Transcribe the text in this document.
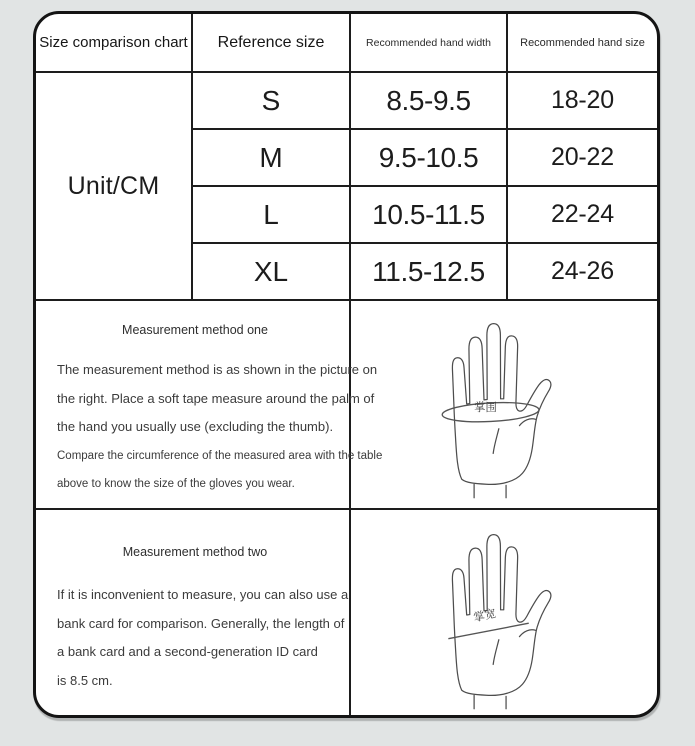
Size comparison chart	Reference size	Recommended hand width	Recommended hand size
Unit/CM
S	8.5-9.5	18-20
M	9.5-10.5	20-22
L	10.5-11.5	22-24
XL	11.5-12.5	24-26
Measurement method one
The measurement method is as shown in the picture on
the right. Place a soft tape measure around the palm of
the hand you usually use (excluding the thumb).
Compare the circumference of the measured area with the table
above to know the size of the gloves you wear.
掌围
Measurement method two
If it is inconvenient to measure, you can also use a
bank card for comparison. Generally, the length of
a bank card and a second-generation ID card
is 8.5 cm.
掌宽
